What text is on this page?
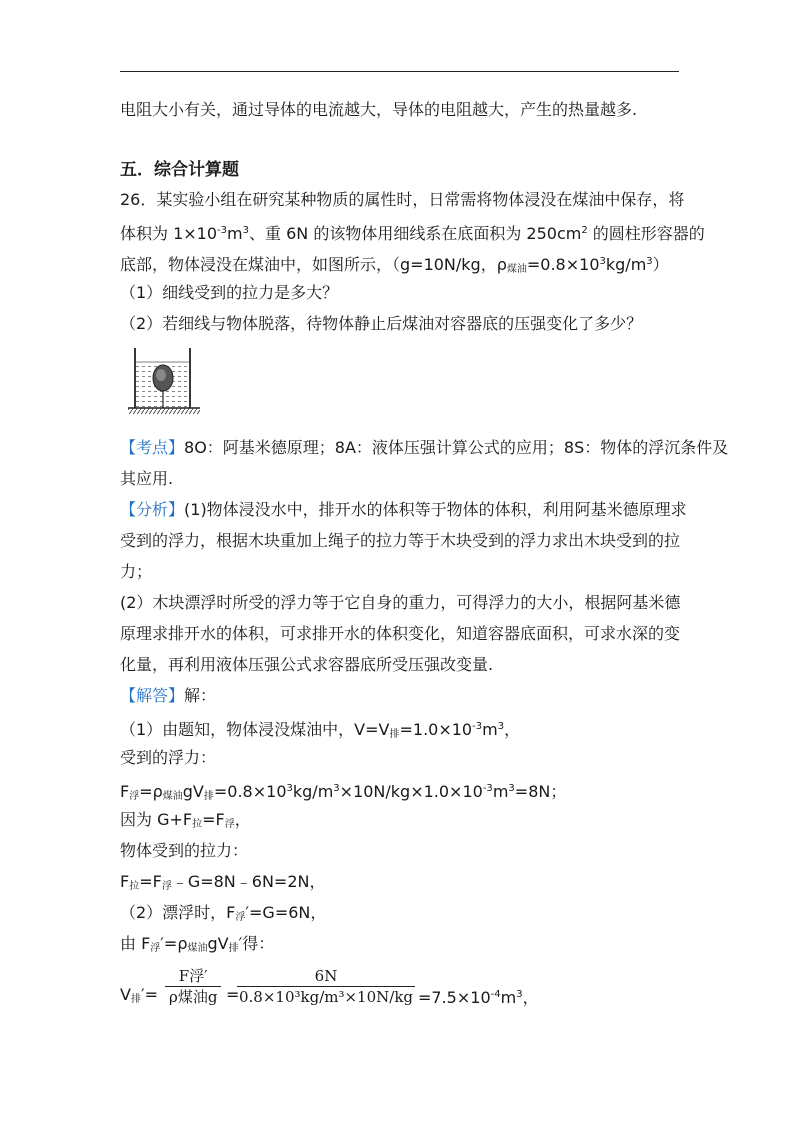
电阻大小有关，通过导体的电流越大，导体的电阻越大，产生的热量越多.
五．综合计算题
26．某实验小组在研究某种物质的属性时，日常需将物体浸没在煤油中保存，将
体积为 $1\times 10^{-3}m^3$、重 6N 的该物体用细线系在底面积为 $250cm^2$ 的圆柱形容器的
底部，物体浸没在煤油中，如图所示，（g=10N/kg，$\rho_{煤油}=0.8\times 10^3kg/m^3$）
（1）细线受到的拉力是多大？
（2）若细线与物体脱落，待物体静止后煤油对容器底的压强变化了多少？
【考点】8O：阿基米德原理；8A：液体压强计算公式的应用；8S：物体的浮沉条件及
其应用.
【分析】(1)物体浸没水中，排开水的体积等于物体的体积，利用阿基米德原理求
受到的浮力，根据木块重加上绳子的拉力等于木块受到的浮力求出木块受到的拉
力；
(2）木块漂浮时所受的浮力等于它自身的重力，可得浮力的大小，根据阿基米德
原理求排开水的体积，可求排开水的体积变化，知道容器底面积，可求水深的变
化量，再利用液体压强公式求容器底所受压强改变量.
【解答】解：
（1）由题知，物体浸没煤油中，$V=V_排=1.0\times 10^{-3}m^3$，
受到的浮力：
$F_浮=\rho_{煤油}gV_排=0.8\times 10^3kg/m^3\times 10N/kg\times 1.0\times 10^{-3}m^3=8N$；
因为 $G+F_拉=F_浮$，
物体受到的拉力：
$F_拉=F_浮﹣G=8N﹣6N=2N$，
（2）漂浮时，$F_浮'=G=6N$，
由 $F_浮'=\rho_{煤油}gV_排'$得：
$V_排'=$
F浮′
ρ煤油g =
6N
$0.8\times 10^3kg/m^3\times 10N/kg =7.5\times 10^{-4}m^3$，
